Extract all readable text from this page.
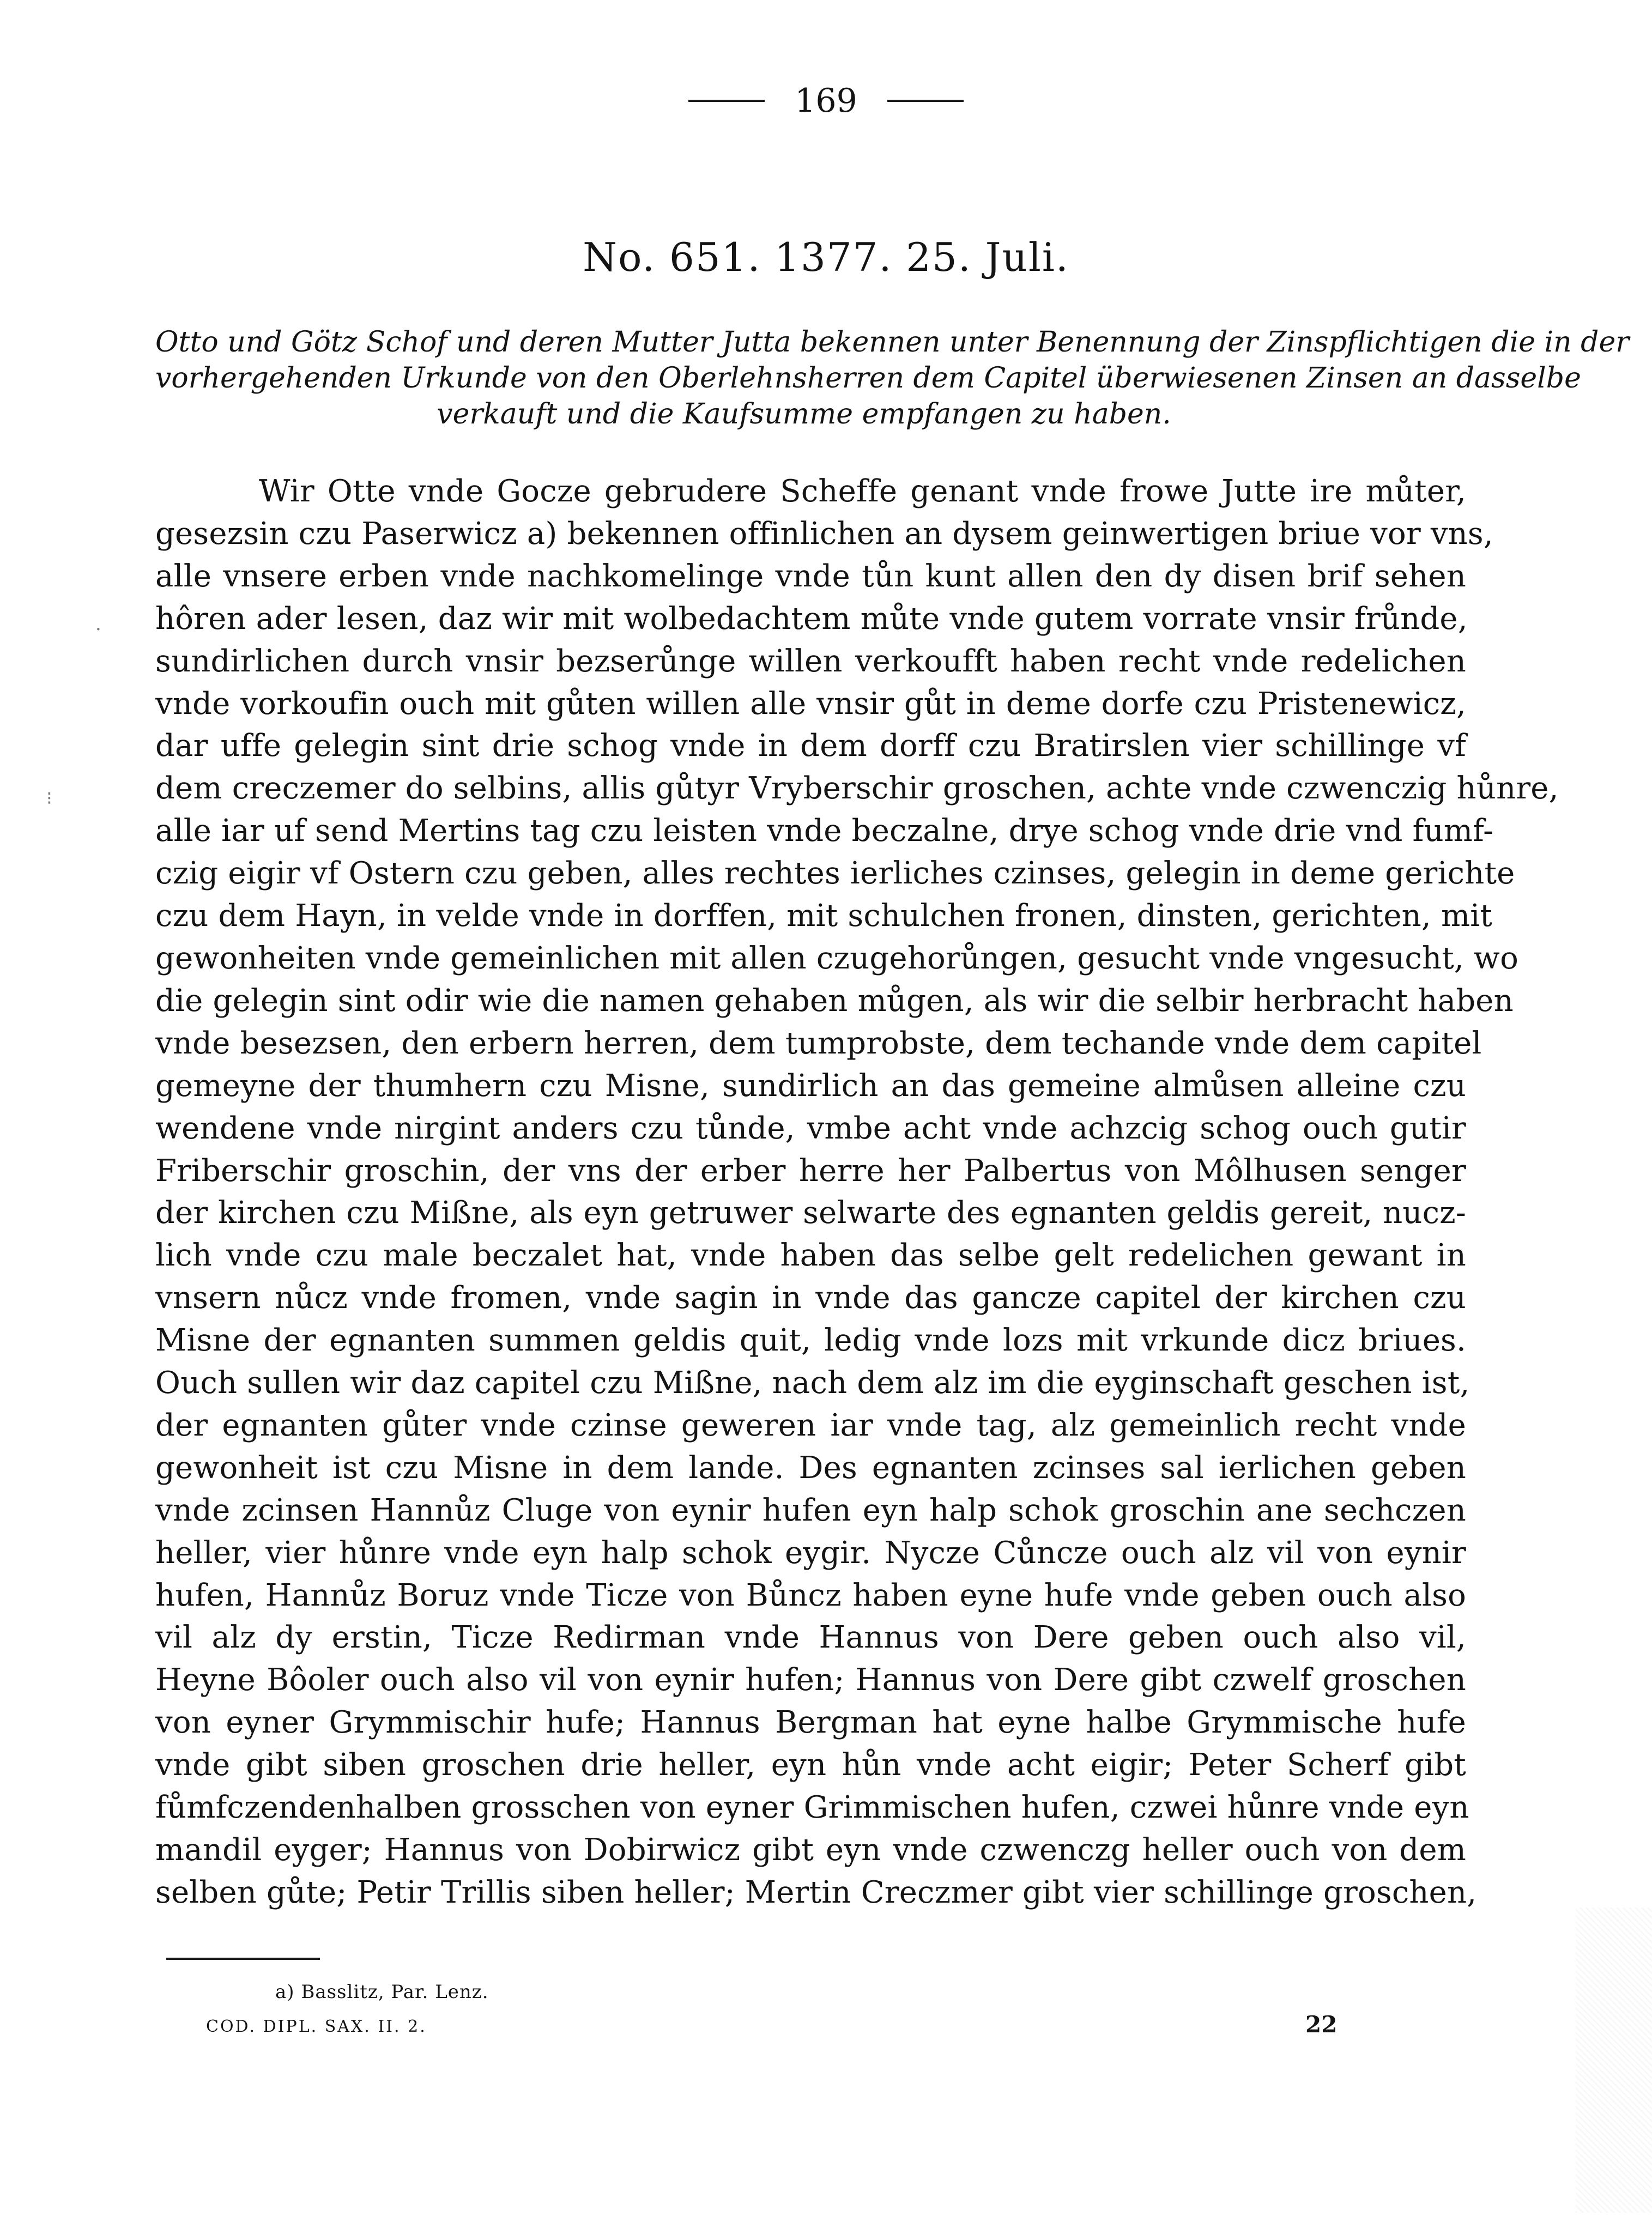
169
No. 651. 1377. 25. Juli.
Otto und Götz Schof und deren Mutter Jutta bekennen unter Benennung der Zinspflichtigen die in der
vorhergehenden Urkunde von den Oberlehnsherren dem Capitel überwiesenen Zinsen an dasselbe
verkauft und die Kaufsumme empfangen zu haben.
Wir Otte vnde Gocze gebrudere Scheffe genant vnde frowe Jutte ire můter,
gesezsin czu Paserwicz a) bekennen offinlichen an dysem geinwertigen briue vor vns,
alle vnsere erben vnde nachkomelinge vnde tůn kunt allen den dy disen brif sehen
hôren ader lesen, daz wir mit wolbedachtem můte vnde gutem vorrate vnsir frůnde,
sundirlichen durch vnsir bezserůnge willen verkoufft haben recht vnde redelichen
vnde vorkoufin ouch mit gůten willen alle vnsir gůt in deme dorfe czu Pristenewicz,
dar uffe gelegin sint drie schog vnde in dem dorff czu Bratirslen vier schillinge vf
dem creczemer do selbins, allis gůtyr Vryberschir groschen, achte vnde czwenczig hůnre,
alle iar uf send Mertins tag czu leisten vnde beczalne, drye schog vnde drie vnd fumf-
czig eigir vf Ostern czu geben, alles rechtes ierliches czinses, gelegin in deme gerichte
czu dem Hayn, in velde vnde in dorffen, mit schulchen fronen, dinsten, gerichten, mit
gewonheiten vnde gemeinlichen mit allen czugehorůngen, gesucht vnde vngesucht, wo
die gelegin sint odir wie die namen gehaben můgen, als wir die selbir herbracht haben
vnde besezsen, den erbern herren, dem tumprobste, dem techande vnde dem capitel
gemeyne der thumhern czu Misne, sundirlich an das gemeine almůsen alleine czu
wendene vnde nirgint anders czu tůnde, vmbe acht vnde achzcig schog ouch gutir
Friberschir groschin, der vns der erber herre her Palbertus von Môlhusen senger
der kirchen czu Mißne, als eyn getruwer selwarte des egnanten geldis gereit, nucz-
lich vnde czu male beczalet hat, vnde haben das selbe gelt redelichen gewant in
vnsern nůcz vnde fromen, vnde sagin in vnde das gancze capitel der kirchen czu
Misne der egnanten summen geldis quit, ledig vnde lozs mit vrkunde dicz briues.
Ouch sullen wir daz capitel czu Mißne, nach dem alz im die eyginschaft geschen ist,
der egnanten gůter vnde czinse geweren iar vnde tag, alz gemeinlich recht vnde
gewonheit ist czu Misne in dem lande. Des egnanten zcinses sal ierlichen geben
vnde zcinsen Hannůz Cluge von eynir hufen eyn halp schok groschin ane sechczen
heller, vier hůnre vnde eyn halp schok eygir. Nycze Cůncze ouch alz vil von eynir
hufen, Hannůz Boruz vnde Ticze von Bůncz haben eyne hufe vnde geben ouch also
vil alz dy erstin, Ticze Redirman vnde Hannus von Dere geben ouch also vil,
Heyne Bôoler ouch also vil von eynir hufen; Hannus von Dere gibt czwelf groschen
von eyner Grymmischir hufe; Hannus Bergman hat eyne halbe Grymmische hufe
vnde gibt siben groschen drie heller, eyn hůn vnde acht eigir; Peter Scherf gibt
fůmfczendenhalben grosschen von eyner Grimmischen hufen, czwei hůnre vnde eyn
mandil eyger; Hannus von Dobirwicz gibt eyn vnde czwenczg heller ouch von dem
selben gůte; Petir Trillis siben heller; Mertin Creczmer gibt vier schillinge groschen,
·
⁝
a) Basslitz, Par. Lenz.
COD. DIPL. SAX. II. 2.	22
